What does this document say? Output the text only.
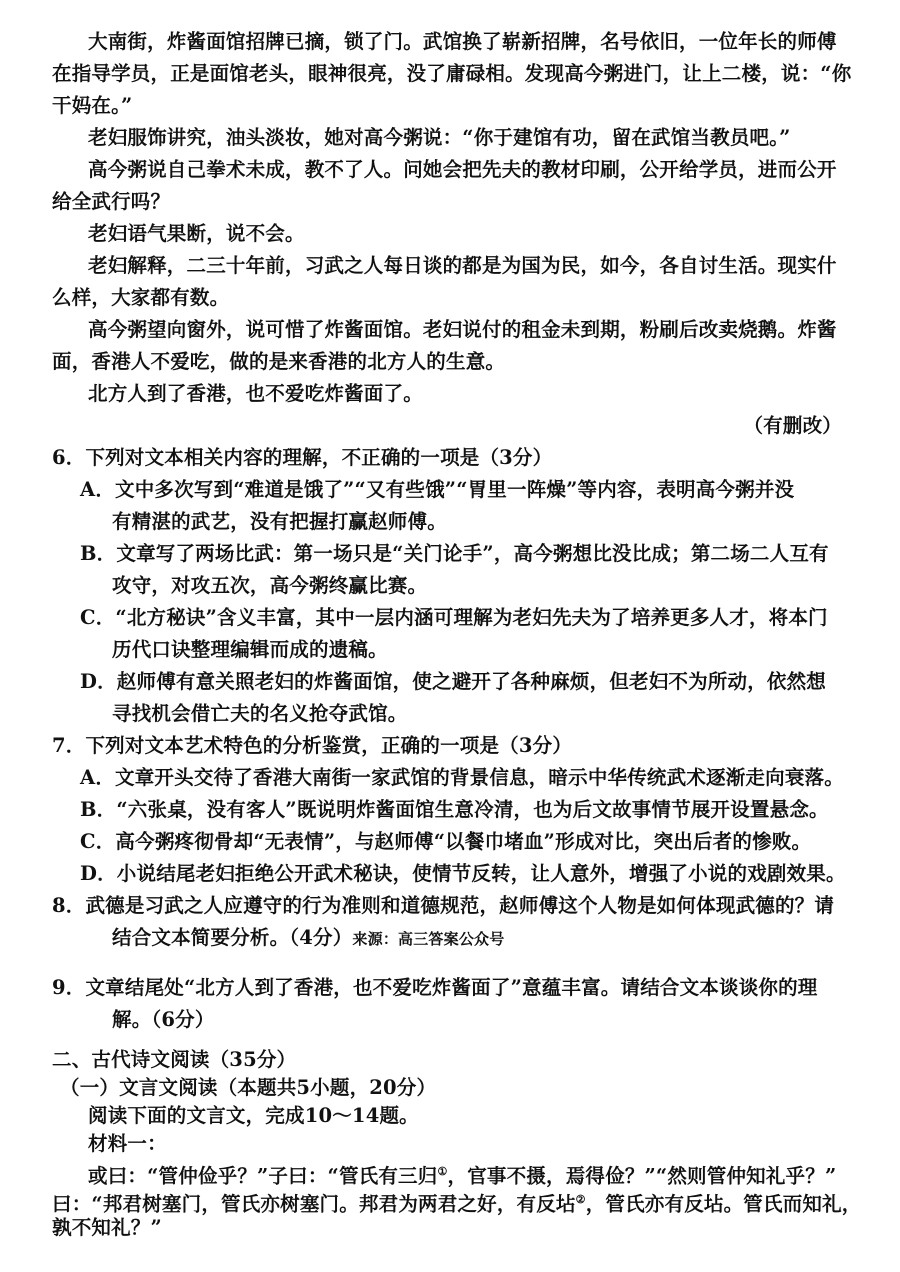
大南街，炸酱面馆招牌已摘，锁了门。武馆换了崭新招牌，名号依旧，一位年长的师傅
在指导学员，正是面馆老头，眼神很亮，没了庸碌相。发现高今粥进门，让上二楼，说：“你
干妈在。”
老妇服饰讲究，油头淡妆，她对高今粥说：“你于建馆有功，留在武馆当教员吧。”
高今粥说自己拳术未成，教不了人。问她会把先夫的教材印刷，公开给学员，进而公开
给全武行吗？
老妇语气果断，说不会。
老妇解释，二三十年前，习武之人每日谈的都是为国为民，如今，各自讨生活。现实什
么样，大家都有数。
高今粥望向窗外，说可惜了炸酱面馆。老妇说付的租金未到期，粉刷后改卖烧鹅。炸酱
面，香港人不爱吃，做的是来香港的北方人的生意。
北方人到了香港，也不爱吃炸酱面了。
（有删改）
6．下列对文本相关内容的理解，不正确的一项是（3分）
A．文中多次写到“难道是饿了”“又有些饿”“胃里一阵燥”等内容，表明高今粥并没
有精湛的武艺，没有把握打赢赵师傅。
B．文章写了两场比武：第一场只是“关门论手”，高今粥想比没比成；第二场二人互有
攻守，对攻五次，高今粥终赢比赛。
C．“北方秘诀”含义丰富，其中一层内涵可理解为老妇先夫为了培养更多人才，将本门
历代口诀整理编辑而成的遗稿。
D．赵师傅有意关照老妇的炸酱面馆，使之避开了各种麻烦，但老妇不为所动，依然想
寻找机会借亡夫的名义抢夺武馆。
7．下列对文本艺术特色的分析鉴赏，正确的一项是（3分）
A．文章开头交待了香港大南街一家武馆的背景信息，暗示中华传统武术逐渐走向衰落。
B．“六张桌，没有客人”既说明炸酱面馆生意冷清，也为后文故事情节展开设置悬念。
C．高今粥疼彻骨却“无表情”，与赵师傅“以餐巾堵血”形成对比，突出后者的惨败。
D．小说结尾老妇拒绝公开武术秘诀，使情节反转，让人意外，增强了小说的戏剧效果。
8．武德是习武之人应遵守的行为准则和道德规范，赵师傅这个人物是如何体现武德的？请
结合文本简要分析。（4分）来源：高三答案公众号
9．文章结尾处“北方人到了香港，也不爱吃炸酱面了”意蕴丰富。请结合文本谈谈你的理
解。（6分）
二、古代诗文阅读（35分）
（一）文言文阅读（本题共5小题，20分）
阅读下面的文言文，完成10～14题。
材料一：
或曰：“管仲俭乎？”子曰：“管氏有三归①，官事不摄，焉得俭？”“然则管仲知礼乎？”
曰：“邦君树塞门，管氏亦树塞门。邦君为两君之好，有反坫②，管氏亦有反坫。管氏而知礼，
孰不知礼？”
